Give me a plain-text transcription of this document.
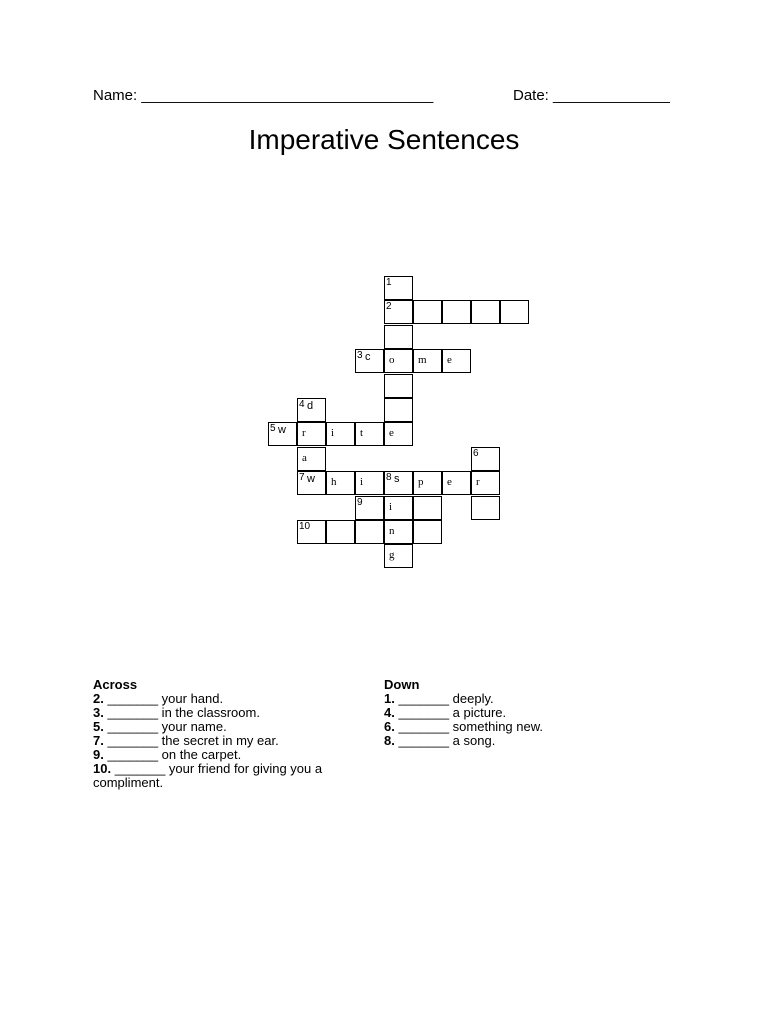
Name: ___________________________________	Date: ______________
Imperative Sentences
1
2
3 c o m e
4 d
5 w r i t e
a	6
7 w h i 8 s p e r
9 i
10	n
g
Across
2. _______ your hand.
3. _______ in the classroom.
5. _______ your name.
7. _______ the secret in my ear.
9. _______ on the carpet.
10. _______ your friend for giving you a compliment.
Down
1. _______ deeply.
4. _______ a picture.
6. _______ something new.
8. _______ a song.
